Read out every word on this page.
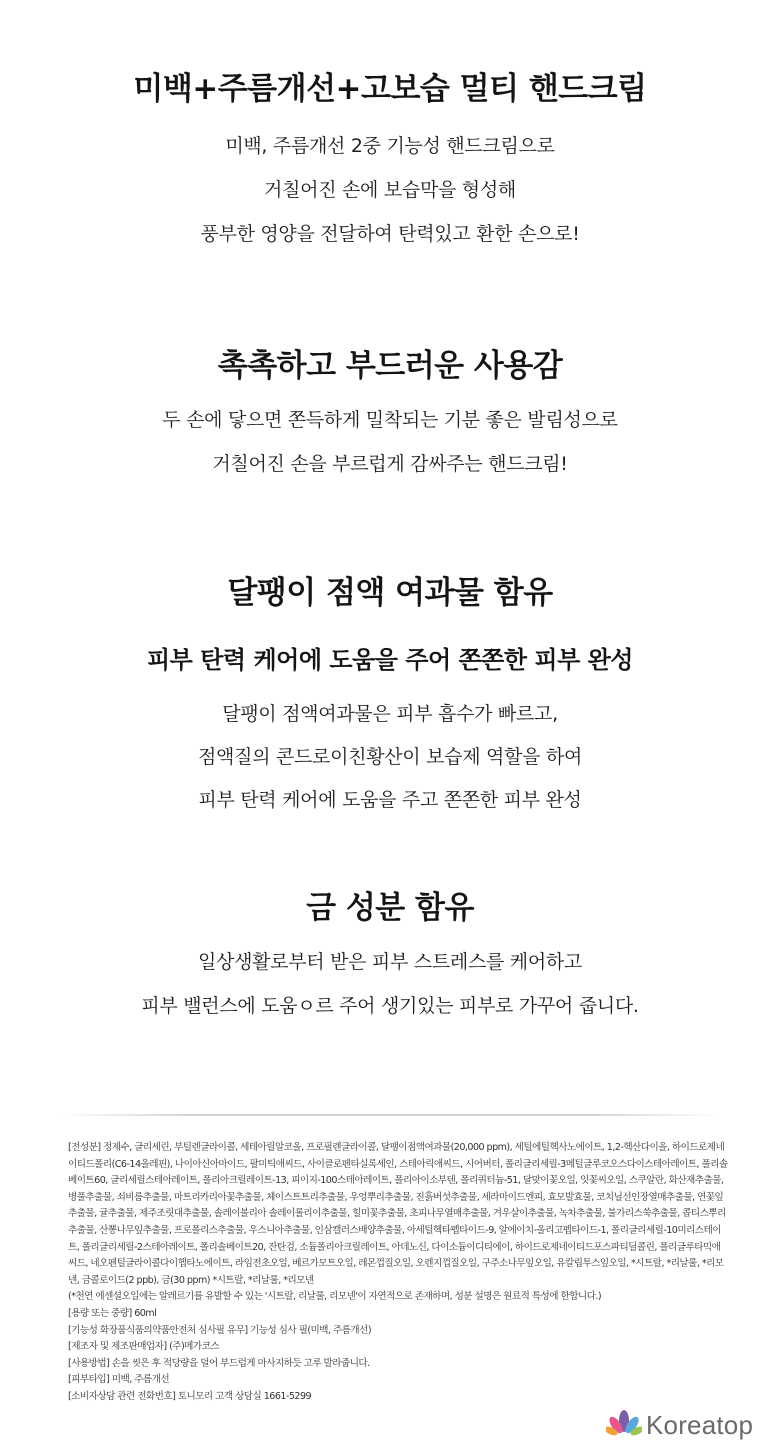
미백+주름개선+고보습 멀티 핸드크림
미백, 주름개선 2중 기능성 핸드크림으로
거칠어진 손에 보습막을 형성해
풍부한 영양을 전달하여 탄력있고 환한 손으로!
촉촉하고 부드러운 사용감
두 손에 닿으면 쫀득하게 밀착되는 기분 좋은 발림성으로
거칠어진 손을 부르럽게 감싸주는 핸드크림!
달팽이 점액 여과물 함유
피부 탄력 케어에 도움을 주어 쫀쫀한 피부 완성
달팽이 점액여과물은 피부 흡수가 빠르고,
점액질의 콘드로이친황산이 보습제 역할을 하여
피부 탄력 케어에 도움을 주고 쫀쫀한 피부 완성
금 성분 함유
일상생활로부터 받은 피부 스트레스를 케어하고
피부 밸런스에 도움ㅇ르 주어 생기있는 피부로 가꾸어 줍니다.

[전성분] 정제수, 글리세린, 부틸렌글라이콜, 세테아릴알코올, 프로필렌글라이콜, 달팽이점액여과물(20,000 ppm), 세틸에틸헥사노에이트, 1,2-헥산다이올, 하이드로제네이티드폴리(C6-14올레핀), 나이아신아마이드, 팔미틱애씨드, 사이클로펜타실록세인, 스테아릭애씨드, 시어버터, 폴리글리세릴-3메틸글루코오스다이스테아레이트, 폴리솔베이트60, 글리세릴스테아레이트, 폴리아크릴레이트-13, 피이지-100스테아레이트, 폴리아이소부텐, 폴리쿼터늄-51, 달맞이꽃오일, 잇꽃씨오일, 스쿠알란, 화산재추출물, 병풀추출물, 쇠비름추출물, 마트리카리아꽃추출물, 체이스트트리추출물, 우엉뿌리추출물, 진흙버섯추출물, 세라마이드엔피, 효모발효물, 코치닐선인장열매추출물, 연꽃잎추출물, 귤추출물, 제주조릿대추출물, 솔레이볼리아 솔레이롤리이추출물, 힐미꽃추출물, 초피나무열매추출물, 겨우살이추출물, 녹차추출물, 불가리스쑥추출물, 콥티스뿌리추출물, 산뽕나무잎추출물, 프로폴리스추출물, 우스니아추출물, 인삼캘러스배양추출물, 아세틸헥타펩타이드-9, 알에이치-올리고펩타이드-1, 폴리글리세릴-10미리스테이트, 폴리글리세릴-2스테아레이트, 폴리솔베이트20, 잔탄검, 소듐폴리아크릴레이트, 아데노신, 다이소듐이디티에이, 하이드로제네이티드포스파티딜콜린, 폴리글루타믹애씨드, 네오펜틸글라이콜다이헵타노에이트, 라임전초오일, 베르가모트오일, 레몬껍질오일, 오렌지껍질오일, 구주소나무잎오일, 유칼립투스잎오일, *시트랄, *리날룰, *리모넨, 금콜로이드(2 ppb), 금(30 ppm) *시트랄, *리날룰, *리모넨

(*천연 에센셜오일에는 알레르기를 유발할 수 있는 '시트랄, 리날룰, 리모넨'이 자연적으로 존재하며, 성분 설명은 원료적 특성에 한합니다.)

[용량 또는 중량] 60ml

[기능성 화장품식품의약품안전처 심사필 유무] 기능성 심사 필(미백, 주름개선)

[제조자 및 제조판매업자] (주)메가코스

[사용방법] 손을 씻은 후 적당량을 덜어 부드럽게 마사지하듯 고루 발라줍니다.

[피부타입] 미백, 주름개선

[소비자상담 관련 전화번호] 토니모리 고객 상담실 1661-5299

Koreatop
